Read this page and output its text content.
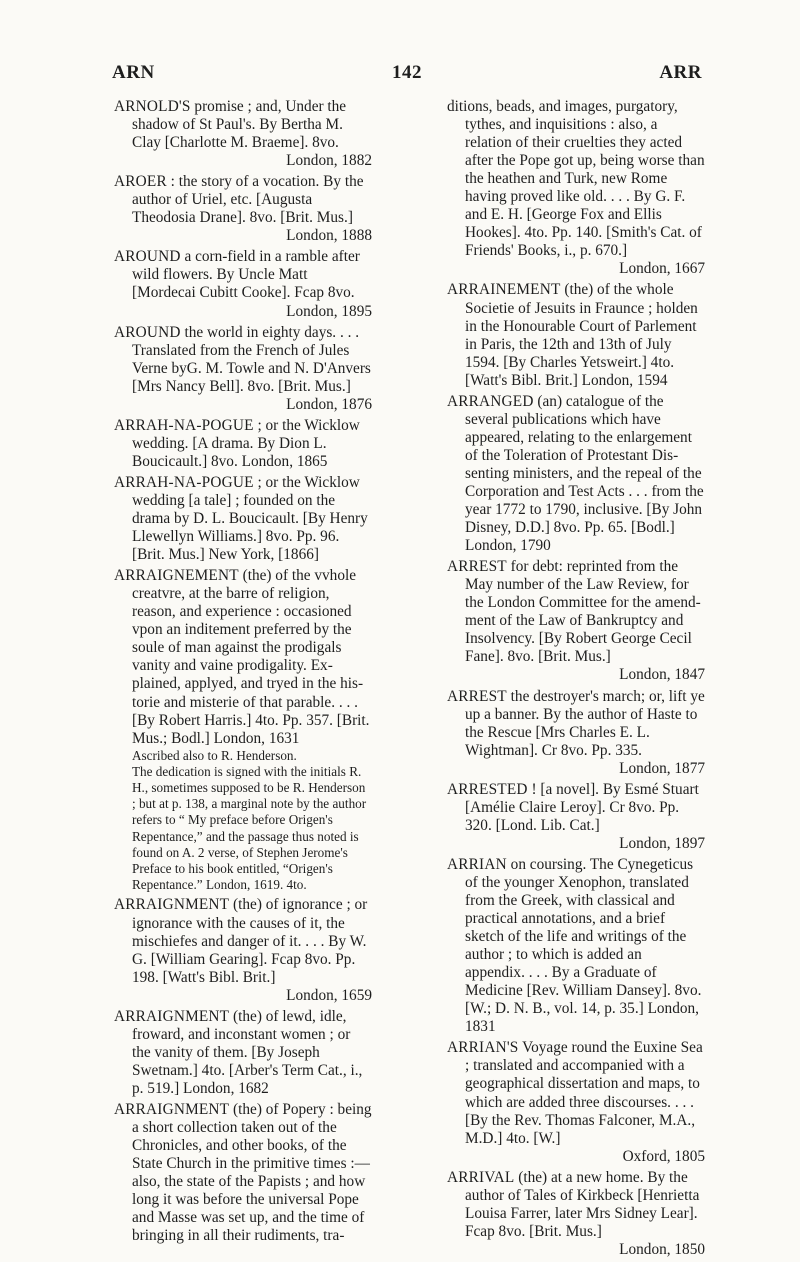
ARN	142	ARR
ARNOLD'S promise ; and, Under the shadow of St Paul's. By Bertha M. Clay [Charlotte M. Braeme]. 8vo.
London, 1882
AROER : the story of a vocation. By the author of Uriel, etc. [Augusta Theodosia Drane]. 8vo. [Brit. Mus.]
London, 1888
AROUND a corn-field in a ramble after wild flowers. By Uncle Matt [Mordecai Cubitt Cooke]. Fcap 8vo.
London, 1895
AROUND the world in eighty days. . . . Translated from the French of Jules Verne byG. M. Towle and N. D'Anvers [Mrs Nancy Bell]. 8vo. [Brit. Mus.]
London, 1876
ARRAH-NA-POGUE ; or the Wicklow wedding. [A drama. By Dion L. Boucicault.] 8vo. London, 1865
ARRAH-NA-POGUE ; or the Wicklow wedding [a tale] ; founded on the drama by D. L. Boucicault. [By Henry Llewellyn Williams.] 8vo. Pp. 96. [Brit. Mus.] New York, [1866]
ARRAIGNEMENT (the) of the vvhole creatvre, at the barre of religion, reason, and experience : occasioned vpon an inditement preferred by the soule of man against the prodigals vanity and vaine prodigality. Ex- plained, applyed, and tryed in the his- torie and misterie of that parable. . . . [By Robert Harris.] 4to. Pp. 357. [Brit. Mus.; Bodl.] London, 1631

Ascribed also to R. Henderson.

The dedication is signed with the initials R. H., sometimes supposed to be R. Henderson ; but at p. 138, a marginal note by the author refers to “ My preface before Origen's Repentance,” and the passage thus noted is found on A. 2 verse, of Stephen Jerome's Preface to his book entitled, “Origen's Repentance.” London, 1619. 4to.

ARRAIGNMENT (the) of ignorance ; or ignorance with the causes of it, the mischiefes and danger of it. . . . By W. G. [William Gearing]. Fcap 8vo. Pp. 198. [Watt's Bibl. Brit.]
London, 1659
ARRAIGNMENT (the) of lewd, idle, froward, and inconstant women ; or the vanity of them. [By Joseph Swetnam.] 4to. [Arber's Term Cat., i., p. 519.] London, 1682
ARRAIGNMENT (the) of Popery : being a short collection taken out of the Chronicles, and other books, of the State Church in the primitive times :— also, the state of the Papists ; and how long it was before the universal Pope and Masse was set up, and the time of bringing in all their rudiments, tra-
ditions, beads, and images, purgatory, tythes, and inquisitions : also, a relation of their cruelties they acted after the Pope got up, being worse than the heathen and Turk, new Rome having proved like old. . . . By G. F. and E. H. [George Fox and Ellis Hookes]. 4to. Pp. 140. [Smith's Cat. of Friends' Books, i., p. 670.]
London, 1667
ARRAINEMENT (the) of the whole Societie of Jesuits in Fraunce ; holden in the Honourable Court of Parlement in Paris, the 12th and 13th of July 1594. [By Charles Yetsweirt.] 4to. [Watt's Bibl. Brit.] London, 1594
ARRANGED (an) catalogue of the several publications which have appeared, relating to the enlargement of the Toleration of Protestant Dis- senting ministers, and the repeal of the Corporation and Test Acts . . . from the year 1772 to 1790, inclusive. [By John Disney, D.D.] 8vo. Pp. 65. [Bodl.] London, 1790
ARREST for debt: reprinted from the May number of the Law Review, for the London Committee for the amend- ment of the Law of Bankruptcy and Insolvency. [By Robert George Cecil Fane]. 8vo. [Brit. Mus.]
London, 1847
ARREST the destroyer's march; or, lift ye up a banner. By the author of Haste to the Rescue [Mrs Charles E. L. Wightman]. Cr 8vo. Pp. 335.
London, 1877
ARRESTED ! [a novel]. By Esmé Stuart [Amélie Claire Leroy]. Cr 8vo. Pp. 320. [Lond. Lib. Cat.]
London, 1897
ARRIAN on coursing. The Cynegeticus of the younger Xenophon, translated from the Greek, with classical and practical annotations, and a brief sketch of the life and writings of the author ; to which is added an appendix. . . . By a Graduate of Medicine [Rev. William Dansey]. 8vo. [W.; D. N. B., vol. 14, p. 35.] London, 1831
ARRIAN'S Voyage round the Euxine Sea ; translated and accompanied with a geographical dissertation and maps, to which are added three discourses. . . . [By the Rev. Thomas Falconer, M.A., M.D.] 4to. [W.]
Oxford, 1805
ARRIVAL (the) at a new home. By the author of Tales of Kirkbeck [Henrietta Louisa Farrer, later Mrs Sidney Lear]. Fcap 8vo. [Brit. Mus.]
London, 1850
